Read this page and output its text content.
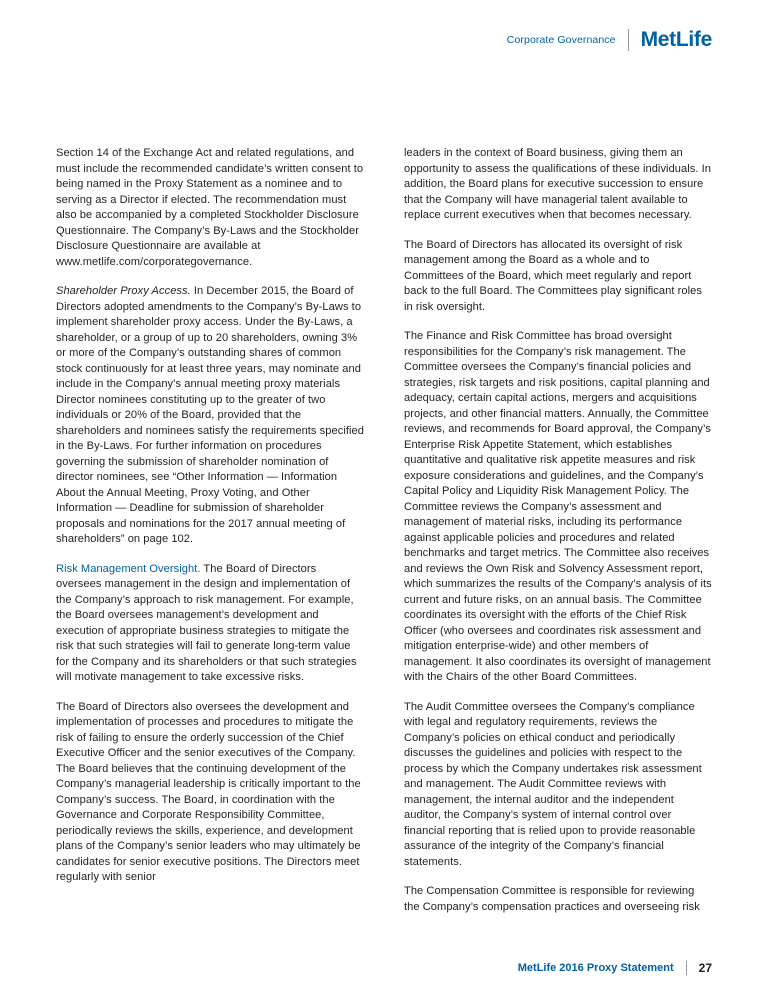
Corporate Governance	MetLife

Section 14 of the Exchange Act and related regulations, and must include the recommended candidate’s written consent to being named in the Proxy Statement as a nominee and to serving as a Director if elected. The recommendation must also be accompanied by a completed Stockholder Disclosure Questionnaire. The Company’s By-Laws and the Stockholder Disclosure Questionnaire are available at www.metlife.com/corporategovernance.

Shareholder Proxy Access. In December 2015, the Board of Directors adopted amendments to the Company’s By-Laws to implement shareholder proxy access. Under the By-Laws, a shareholder, or a group of up to 20 shareholders, owning 3% or more of the Company’s outstanding shares of common stock continuously for at least three years, may nominate and include in the Company’s annual meeting proxy materials Director nominees constituting up to the greater of two individuals or 20% of the Board, provided that the shareholders and nominees satisfy the requirements specified in the By-Laws. For further information on procedures governing the submission of shareholder nomination of director nominees, see “Other Information — Information About the Annual Meeting, Proxy Voting, and Other Information — Deadline for submission of shareholder proposals and nominations for the 2017 annual meeting of shareholders” on page 102.

Risk Management Oversight. The Board of Directors oversees management in the design and implementation of the Company’s approach to risk management. For example, the Board oversees management’s development and execution of appropriate business strategies to mitigate the risk that such strategies will fail to generate long-term value for the Company and its shareholders or that such strategies will motivate management to take excessive risks.

The Board of Directors also oversees the development and implementation of processes and procedures to mitigate the risk of failing to ensure the orderly succession of the Chief Executive Officer and the senior executives of the Company. The Board believes that the continuing development of the Company’s managerial leadership is critically important to the Company’s success. The Board, in coordination with the Governance and Corporate Responsibility Committee, periodically reviews the skills, experience, and development plans of the Company’s senior leaders who may ultimately be candidates for senior executive positions. The Directors meet regularly with senior

leaders in the context of Board business, giving them an opportunity to assess the qualifications of these individuals. In addition, the Board plans for executive succession to ensure that the Company will have managerial talent available to replace current executives when that becomes necessary.

The Board of Directors has allocated its oversight of risk management among the Board as a whole and to Committees of the Board, which meet regularly and report back to the full Board. The Committees play significant roles in risk oversight.

The Finance and Risk Committee has broad oversight responsibilities for the Company’s risk management. The Committee oversees the Company’s financial policies and strategies, risk targets and risk positions, capital planning and adequacy, certain capital actions, mergers and acquisitions projects, and other financial matters. Annually, the Committee reviews, and recommends for Board approval, the Company’s Enterprise Risk Appetite Statement, which establishes quantitative and qualitative risk appetite measures and risk exposure considerations and guidelines, and the Company’s Capital Policy and Liquidity Risk Management Policy. The Committee reviews the Company’s assessment and management of material risks, including its performance against applicable policies and procedures and related benchmarks and target metrics. The Committee also receives and reviews the Own Risk and Solvency Assessment report, which summarizes the results of the Company’s analysis of its current and future risks, on an annual basis. The Committee coordinates its oversight with the efforts of the Chief Risk Officer (who oversees and coordinates risk assessment and mitigation enterprise-wide) and other members of management. It also coordinates its oversight of management with the Chairs of the other Board Committees.

The Audit Committee oversees the Company’s compliance with legal and regulatory requirements, reviews the Company’s policies on ethical conduct and periodically discusses the guidelines and policies with respect to the process by which the Company undertakes risk assessment and management. The Audit Committee reviews with management, the internal auditor and the independent auditor, the Company’s system of internal control over financial reporting that is relied upon to provide reasonable assurance of the integrity of the Company’s financial statements.

The Compensation Committee is responsible for reviewing the Company’s compensation practices and overseeing risk

MetLife 2016 Proxy Statement 27
